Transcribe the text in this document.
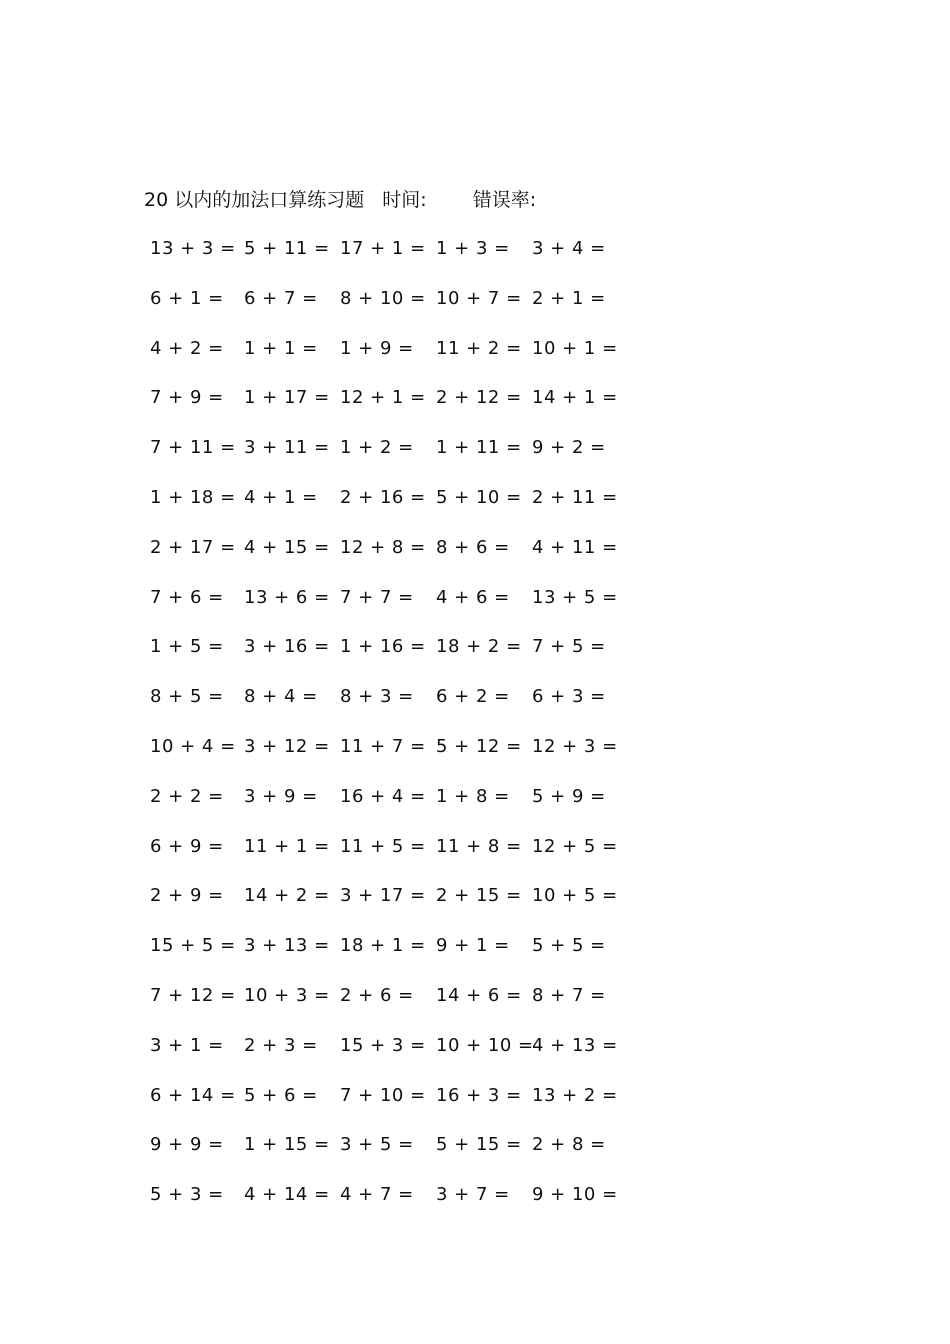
20 以内的加法口算练习题 时间: 错误率:
13 + 3 = 5 + 11 = 17 + 1 = 1 + 3 = 3 + 4 =
6 + 1 = 6 + 7 = 8 + 10 = 10 + 7 = 2 + 1 =
4 + 2 = 1 + 1 = 1 + 9 = 11 + 2 = 10 + 1 =
7 + 9 = 1 + 17 = 12 + 1 = 2 + 12 = 14 + 1 =
7 + 11 = 3 + 11 = 1 + 2 = 1 + 11 = 9 + 2 =
1 + 18 = 4 + 1 = 2 + 16 = 5 + 10 = 2 + 11 =
2 + 17 = 4 + 15 = 12 + 8 = 8 + 6 = 4 + 11 =
7 + 6 = 13 + 6 = 7 + 7 = 4 + 6 = 13 + 5 =
1 + 5 = 3 + 16 = 1 + 16 = 18 + 2 = 7 + 5 =
8 + 5 = 8 + 4 = 8 + 3 = 6 + 2 = 6 + 3 =
10 + 4 = 3 + 12 = 11 + 7 = 5 + 12 = 12 + 3 =
2 + 2 = 3 + 9 = 16 + 4 = 1 + 8 = 5 + 9 =
6 + 9 = 11 + 1 = 11 + 5 = 11 + 8 = 12 + 5 =
2 + 9 = 14 + 2 = 3 + 17 = 2 + 15 = 10 + 5 =
15 + 5 = 3 + 13 = 18 + 1 = 9 + 1 = 5 + 5 =
7 + 12 = 10 + 3 = 2 + 6 = 14 + 6 = 8 + 7 =
3 + 1 = 2 + 3 = 15 + 3 = 10 + 10 =
4 + 13 =
6 + 14 = 5 + 6 = 7 + 10 = 16 + 3 = 13 + 2 =
9 + 9 = 1 + 15 = 3 + 5 = 5 + 15 = 2 + 8 =
5 + 3 = 4 + 14 = 4 + 7 = 3 + 7 = 9 + 10 =
